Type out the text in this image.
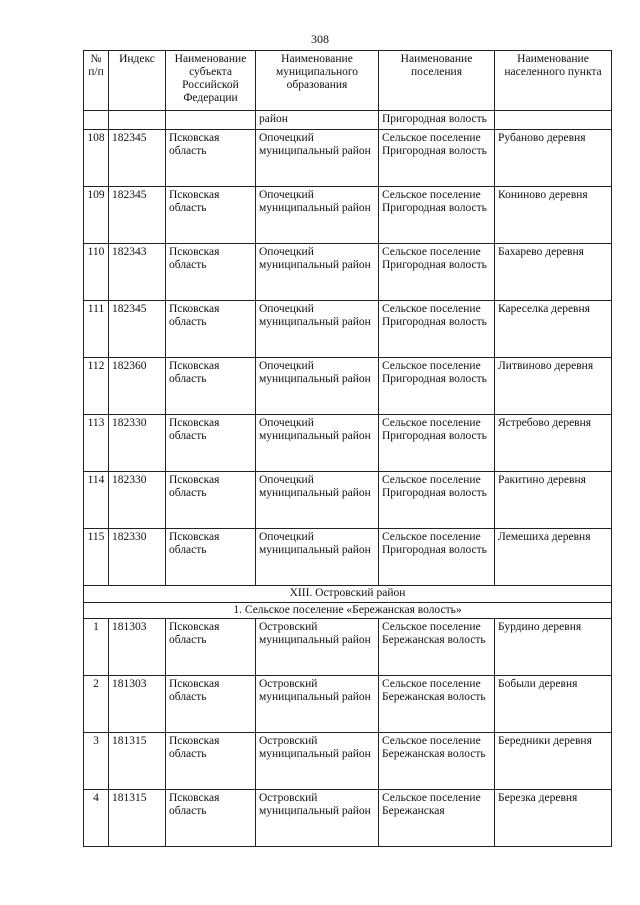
308
№ п/п	Индекс	Наименование субъекта Российской Федерации	Наименование муниципального образования	Наименование поселения	Наименование населенного пункта
			район	Пригородная волость	
108	182345	Псковская область	Опочецкий муниципальный район	Сельское поселение Пригородная волость	Рубаново деревня
109	182345	Псковская область	Опочецкий муниципальный район	Сельское поселение Пригородная волость	Кониново деревня
110	182343	Псковская область	Опочецкий муниципальный район	Сельское поселение Пригородная волость	Бахарево деревня
111	182345	Псковская область	Опочецкий муниципальный район	Сельское поселение Пригородная волость	Кареселка деревня
112	182360	Псковская область	Опочецкий муниципальный район	Сельское поселение Пригородная волость	Литвиново деревня
113	182330	Псковская область	Опочецкий муниципальный район	Сельское поселение Пригородная волость	Ястребово деревня
114	182330	Псковская область	Опочецкий муниципальный район	Сельское поселение Пригородная волость	Ракитино деревня
115	182330	Псковская область	Опочецкий муниципальный район	Сельское поселение Пригородная волость	Лемешиха деревня
XIII. Островский район					
1. Сельское поселение «Бережанская волость»					
1	181303	Псковская область	Островский муниципальный район	Сельское поселение Бережанская волость	Бурдино деревня
2	181303	Псковская область	Островский муниципальный район	Сельское поселение Бережанская волость	Бобыли деревня
3	181315	Псковская область	Островский муниципальный район	Сельское поселение Бережанская волость	Бередники деревня
4	181315	Псковская область	Островский муниципальный район	Сельское поселение Бережанская	Березка деревня
